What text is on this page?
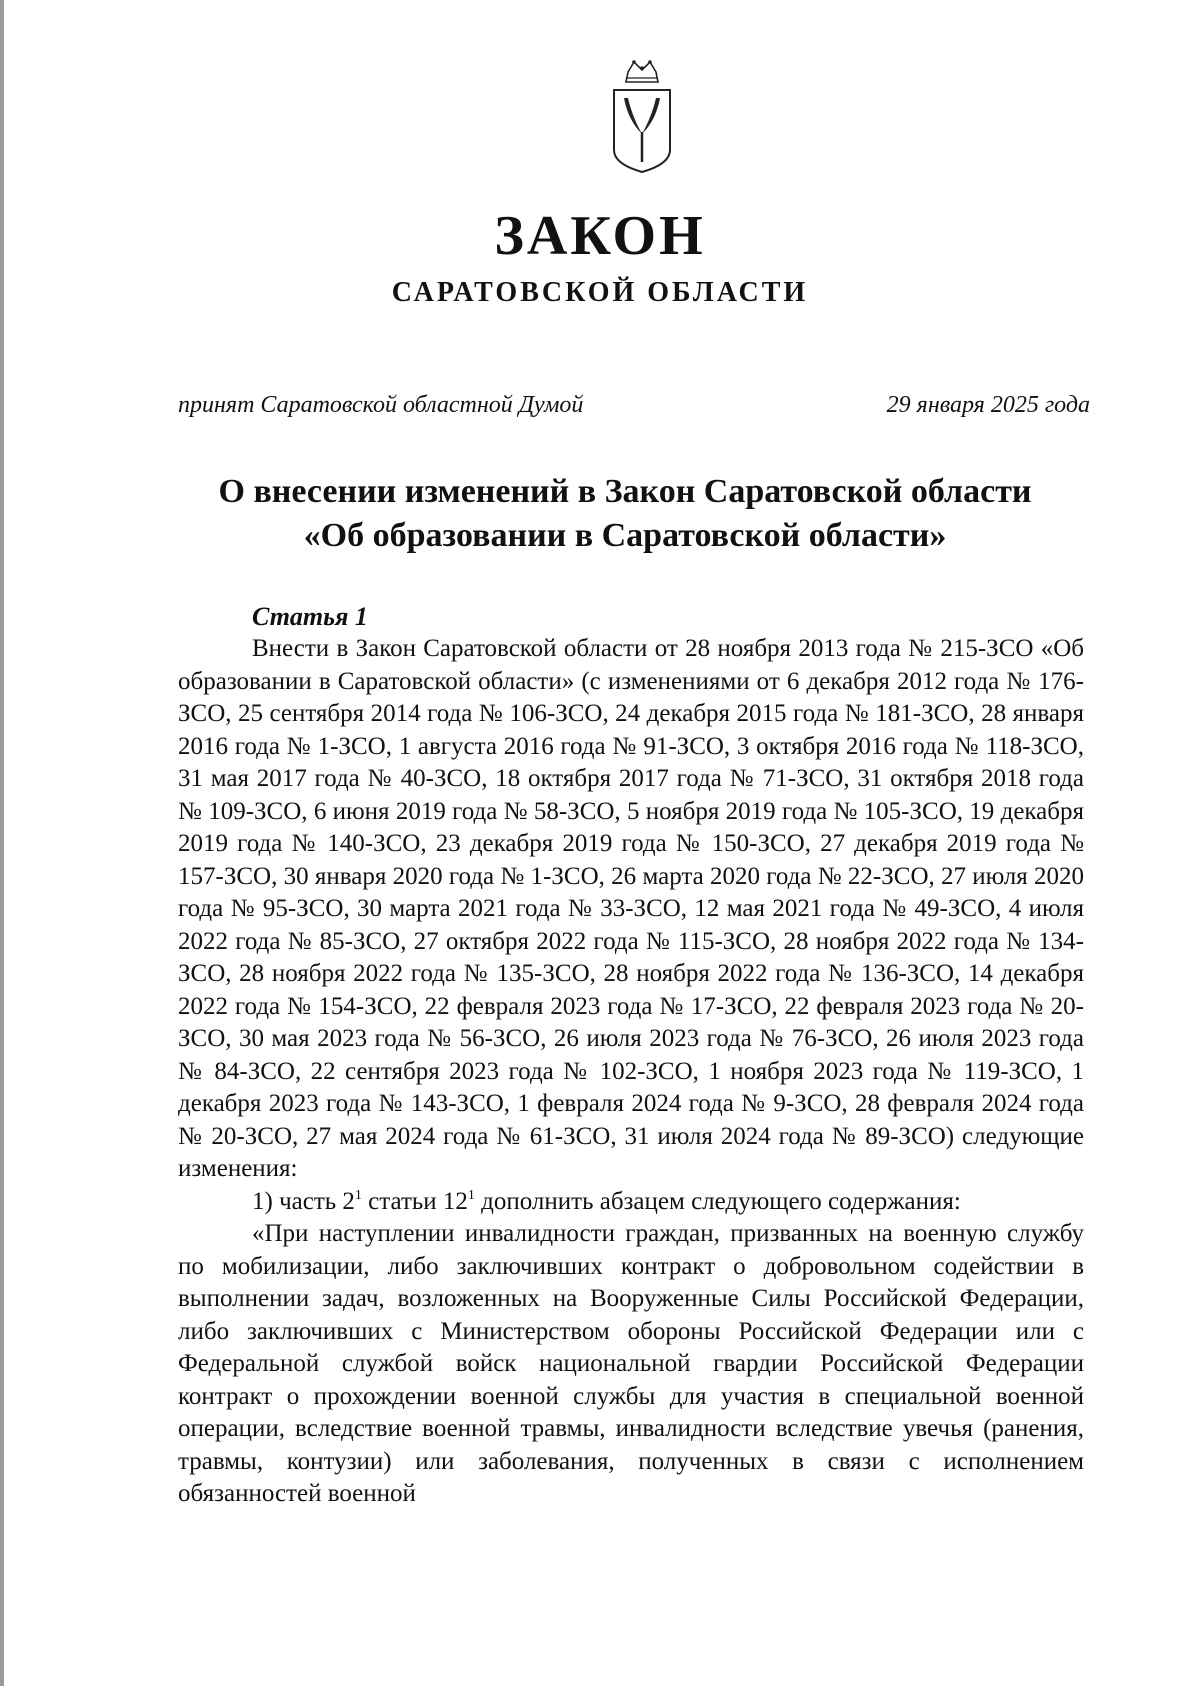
ЗАКОН
САРАТОВСКОЙ ОБЛАСТИ
принят Саратовской областной Думой	29 января 2025 года
О внесении изменений в Закон Саратовской области
«Об образовании в Саратовской области»
Статья 1

Внести в Закон Саратовской области от 28 ноября 2013 года № 215-ЗСО «Об образовании в Саратовской области» (с изменениями от 6 декабря 2012 года № 176-ЗСО, 25 сентября 2014 года № 106-ЗСО, 24 декабря 2015 года № 181-ЗСО, 28 января 2016 года № 1-ЗСО, 1 августа 2016 года № 91-ЗСО, 3 октября 2016 года № 118-ЗСО, 31 мая 2017 года № 40-ЗСО, 18 октября 2017 года № 71-ЗСО, 31 октября 2018 года № 109-ЗСО, 6 июня 2019 года № 58-ЗСО, 5 ноября 2019 года № 105-ЗСО, 19 декабря 2019 года № 140-ЗСО, 23 декабря 2019 года № 150-ЗСО, 27 декабря 2019 года № 157-ЗСО, 30 января 2020 года № 1-ЗСО, 26 марта 2020 года № 22-ЗСО, 27 июля 2020 года № 95-ЗСО, 30 марта 2021 года № 33-ЗСО, 12 мая 2021 года № 49-ЗСО, 4 июля 2022 года № 85-ЗСО, 27 октября 2022 года № 115-ЗСО, 28 ноября 2022 года № 134-ЗСО, 28 ноября 2022 года № 135-ЗСО, 28 ноября 2022 года № 136-ЗСО, 14 декабря 2022 года № 154-ЗСО, 22 февраля 2023 года № 17-ЗСО, 22 февраля 2023 года № 20-ЗСО, 30 мая 2023 года № 56-ЗСО, 26 июля 2023 года № 76-ЗСО, 26 июля 2023 года № 84-ЗСО, 22 сентября 2023 года № 102-ЗСО, 1 ноября 2023 года № 119-ЗСО, 1 декабря 2023 года № 143-ЗСО, 1 февраля 2024 года № 9-ЗСО, 28 февраля 2024 года № 20-ЗСО, 27 мая 2024 года № 61-ЗСО, 31 июля 2024 года № 89-ЗСО) следующие изменения:

1) часть $2^1$ статьи $12^1$ дополнить абзацем следующего содержания:

«При наступлении инвалидности граждан, призванных на военную службу по мобилизации, либо заключивших контракт о добровольном содействии в выполнении задач, возложенных на Вооруженные Силы Российской Федерации, либо заключивших с Министерством обороны Российской Федерации или с Федеральной службой войск национальной гвардии Российской Федерации контракт о прохождении военной службы для участия в специальной военной операции, вследствие военной травмы, инвалидности вследствие увечья (ранения, травмы, контузии) или заболевания, полученных в связи с исполнением обязанностей военной
